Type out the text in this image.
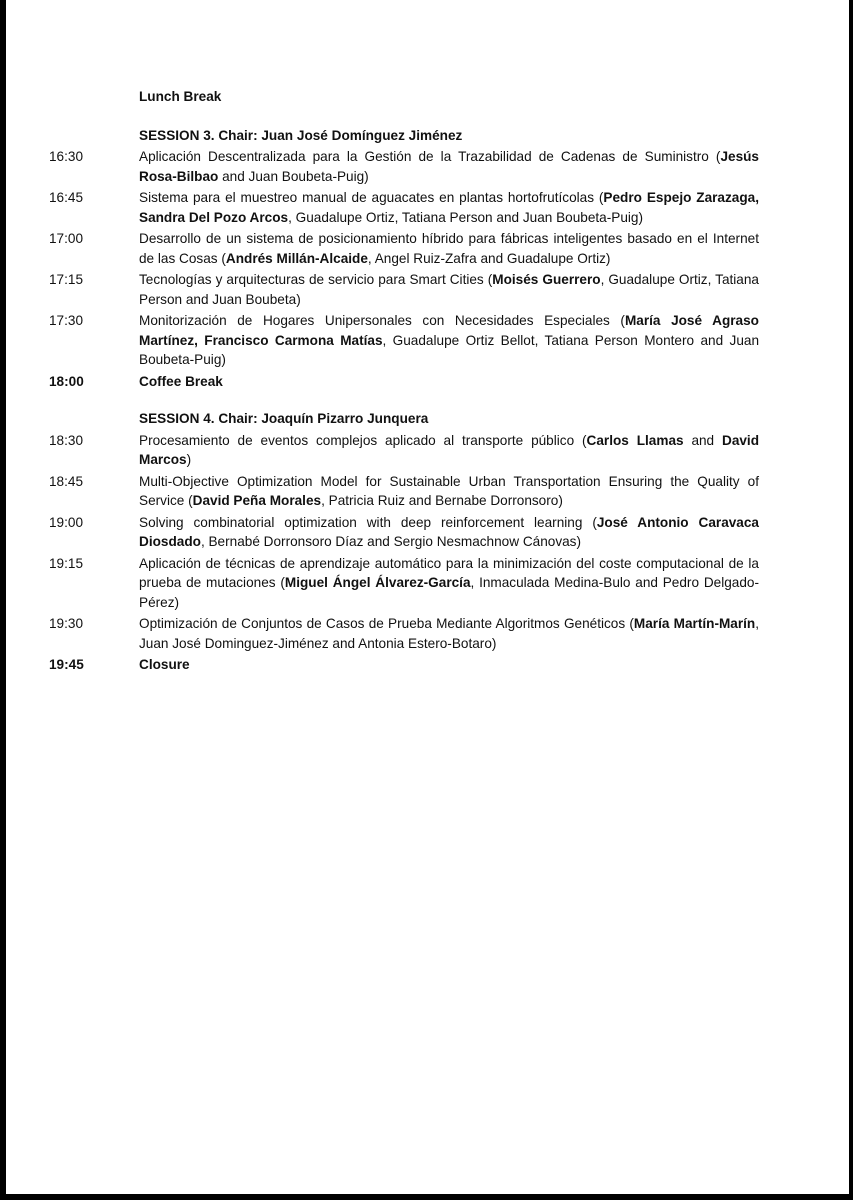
Lunch Break
SESSION 3. Chair: Juan José Domínguez Jiménez
16:30	Aplicación Descentralizada para la Gestión de la Trazabilidad de Cadenas de Suministro (Jesús Rosa-Bilbao and Juan Boubeta-Puig)
16:45	Sistema para el muestreo manual de aguacates en plantas hortofrutícolas (Pedro Espejo Zarazaga, Sandra Del Pozo Arcos, Guadalupe Ortiz, Tatiana Person and Juan Boubeta-Puig)
17:00	Desarrollo de un sistema de posicionamiento híbrido para fábricas inteligentes basado en el Internet de las Cosas (Andrés Millán-Alcaide, Angel Ruiz-Zafra and Guadalupe Ortiz)
17:15	Tecnologías y arquitecturas de servicio para Smart Cities (Moisés Guerrero, Guadalupe Ortiz, Tatiana Person and Juan Boubeta)
17:30	Monitorización de Hogares Unipersonales con Necesidades Especiales (María José Agraso Martínez, Francisco Carmona Matías, Guadalupe Ortiz Bellot, Tatiana Person Montero and Juan Boubeta-Puig)
18:00	Coffee Break
SESSION 4. Chair: Joaquín Pizarro Junquera
18:30	Procesamiento de eventos complejos aplicado al transporte público (Carlos Llamas and David Marcos)
18:45	Multi-Objective Optimization Model for Sustainable Urban Transportation Ensuring the Quality of Service (David Peña Morales, Patricia Ruiz and Bernabe Dorronsoro)
19:00	Solving combinatorial optimization with deep reinforcement learning (José Antonio Caravaca Diosdado, Bernabé Dorronsoro Díaz and Sergio Nesmachnow Cánovas)
19:15	Aplicación de técnicas de aprendizaje automático para la minimización del coste computacional de la prueba de mutaciones (Miguel Ángel Álvarez-García, Inmaculada Medina-Bulo and Pedro Delgado-Pérez)
19:30	Optimización de Conjuntos de Casos de Prueba Mediante Algoritmos Genéticos (María Martín-Marín, Juan José Dominguez-Jiménez and Antonia Estero-Botaro)
19:45	Closure
